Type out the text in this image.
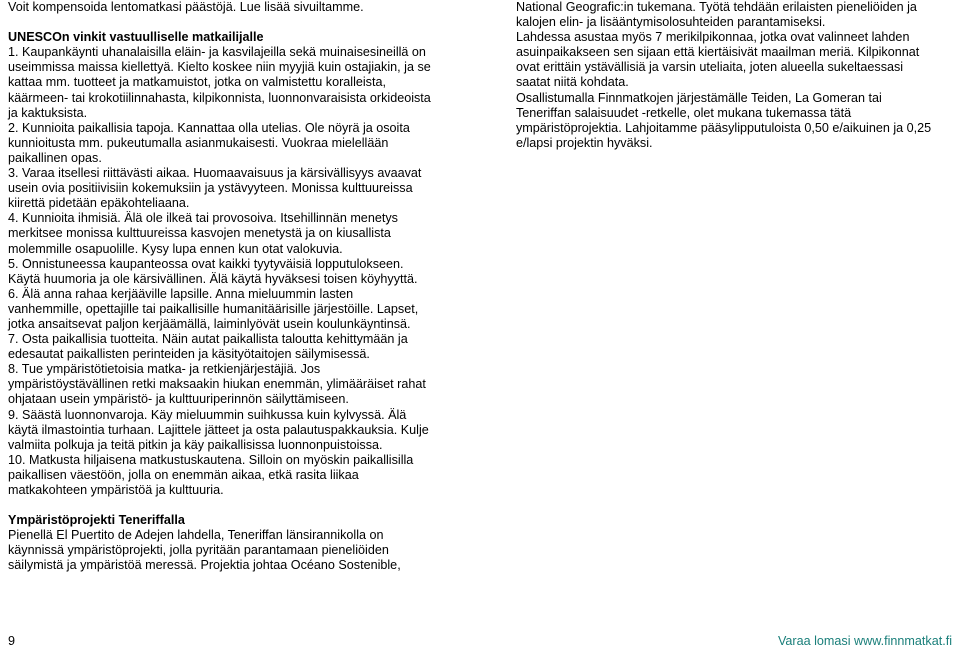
Voit kompensoida lentomatkasi päästöjä. Lue lisää sivuiltamme.

UNESCOn vinkit vastuulliselle matkailijalle

1. Kaupankäynti uhanalaisilla eläin- ja kasvilajeilla sekä muinaisesineillä on

useimmissa maissa kiellettyä. Kielto koskee niin myyjiä kuin ostajiakin, ja se

kattaa mm. tuotteet ja matkamuistot, jotka on valmistettu koralleista,

käärmeen- tai krokotiilinnahasta, kilpikonnista, luonnonvaraisista orkideoista

ja kaktuksista.

2. Kunnioita paikallisia tapoja. Kannattaa olla utelias. Ole nöyrä ja osoita

kunnioitusta mm. pukeutumalla asianmukaisesti. Vuokraa mielellään

paikallinen opas.

3. Varaa itsellesi riittävästi aikaa. Huomaavaisuus ja kärsivällisyys avaavat

usein ovia positiivisiin kokemuksiin ja ystävyyteen. Monissa kulttuureissa

kiirettä pidetään epäkohteliaana.

4. Kunnioita ihmisiä. Älä ole ilkeä tai provosoiva. Itsehillinnän menetys

merkitsee monissa kulttuureissa kasvojen menetystä ja on kiusallista

molemmille osapuolille. Kysy lupa ennen kun otat valokuvia.

5. Onnistuneessa kaupanteossa ovat kaikki tyytyväisiä lopputulokseen.

Käytä huumoria ja ole kärsivällinen. Älä käytä hyväksesi toisen köyhyyttä.

6. Älä anna rahaa kerjääville lapsille. Anna mieluummin lasten

vanhemmille, opettajille tai paikallisille humanitäärisille järjestöille. Lapset,

jotka ansaitsevat paljon kerjäämällä, laiminlyövät usein koulunkäyntinsä.

7. Osta paikallisia tuotteita. Näin autat paikallista taloutta kehittymään ja

edesautat paikallisten perinteiden ja käsityötaitojen säilymisessä.

8. Tue ympäristötietoisia matka- ja retkienjärjestäjiä. Jos

ympäristöystävällinen retki maksaakin hiukan enemmän, ylimääräiset rahat

ohjataan usein ympäristö- ja kulttuuriperinnön säilyttämiseen.

9. Säästä luonnonvaroja. Käy mieluummin suihkussa kuin kylvyssä. Älä

käytä ilmastointia turhaan. Lajittele jätteet ja osta palautuspakkauksia. Kulje

valmiita polkuja ja teitä pitkin ja käy paikallisissa luonnonpuistoissa.

10. Matkusta hiljaisena matkustuskautena. Silloin on myöskin paikallisilla

paikallisen väestöön, jolla on enemmän aikaa, etkä rasita liikaa

matkakohteen ympäristöä ja kulttuuria.

Ympäristöprojekti Teneriffalla

Pienellä El Puertito de Adejen lahdella, Teneriffan länsirannikolla on

käynnissä ympäristöprojekti, jolla pyritään parantamaan pieneliöiden

säilymistä ja ympäristöä meressä. Projektia johtaa Océano Sostenible,

National Geografic:in tukemana. Työtä tehdään erilaisten pieneliöiden ja

kalojen elin- ja lisääntymisolosuhteiden parantamiseksi.

Lahdessa asustaa myös 7 merikilpikonnaa, jotka ovat valinneet lahden

asuinpaikakseen sen sijaan että kiertäisivät maailman meriä. Kilpikonnat

ovat erittäin ystävällisiä ja varsin uteliaita, joten alueella sukeltaessasi

saatat niitä kohdata.

Osallistumalla Finnmatkojen järjestämälle Teiden, La Gomeran tai

Teneriffan salaisuudet -retkelle, olet mukana tukemassa tätä

ympäristöprojektia. Lahjoitamme pääsylipputuloista 0,50 e/aikuinen ja 0,25

e/lapsi projektin hyväksi.

9	Varaa lomasi www.finnmatkat.fi
